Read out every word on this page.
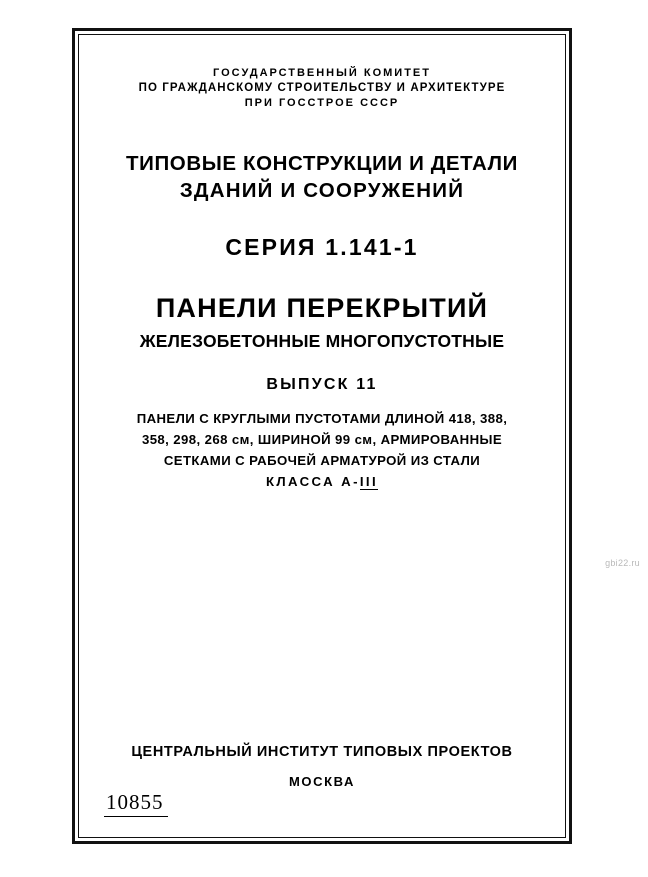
ГОСУДАРСТВЕННЫЙ КОМИТЕТ
ПО ГРАЖДАНСКОМУ СТРОИТЕЛЬСТВУ И АРХИТЕКТУРЕ
ПРИ ГОССТРОЕ СССР
ТИПОВЫЕ КОНСТРУКЦИИ И ДЕТАЛИ
ЗДАНИЙ И СООРУЖЕНИЙ
СЕРИЯ 1.141-1
ПАНЕЛИ ПЕРЕКРЫТИЙ
ЖЕЛЕЗОБЕТОННЫЕ МНОГОПУСТОТНЫЕ
ВЫПУСК 11
ПАНЕЛИ С КРУГЛЫМИ ПУСТОТАМИ ДЛИНОЙ 418, 388,
358, 298, 268 см, ШИРИНОЙ 99 см, АРМИРОВАННЫЕ
СЕТКАМИ С РАБОЧЕЙ АРМАТУРОЙ ИЗ СТАЛИ
КЛАССА А-III
ЦЕНТРАЛЬНЫЙ ИНСТИТУТ ТИПОВЫХ ПРОЕКТОВ
МОСКВА
10855
gbi22.ru
